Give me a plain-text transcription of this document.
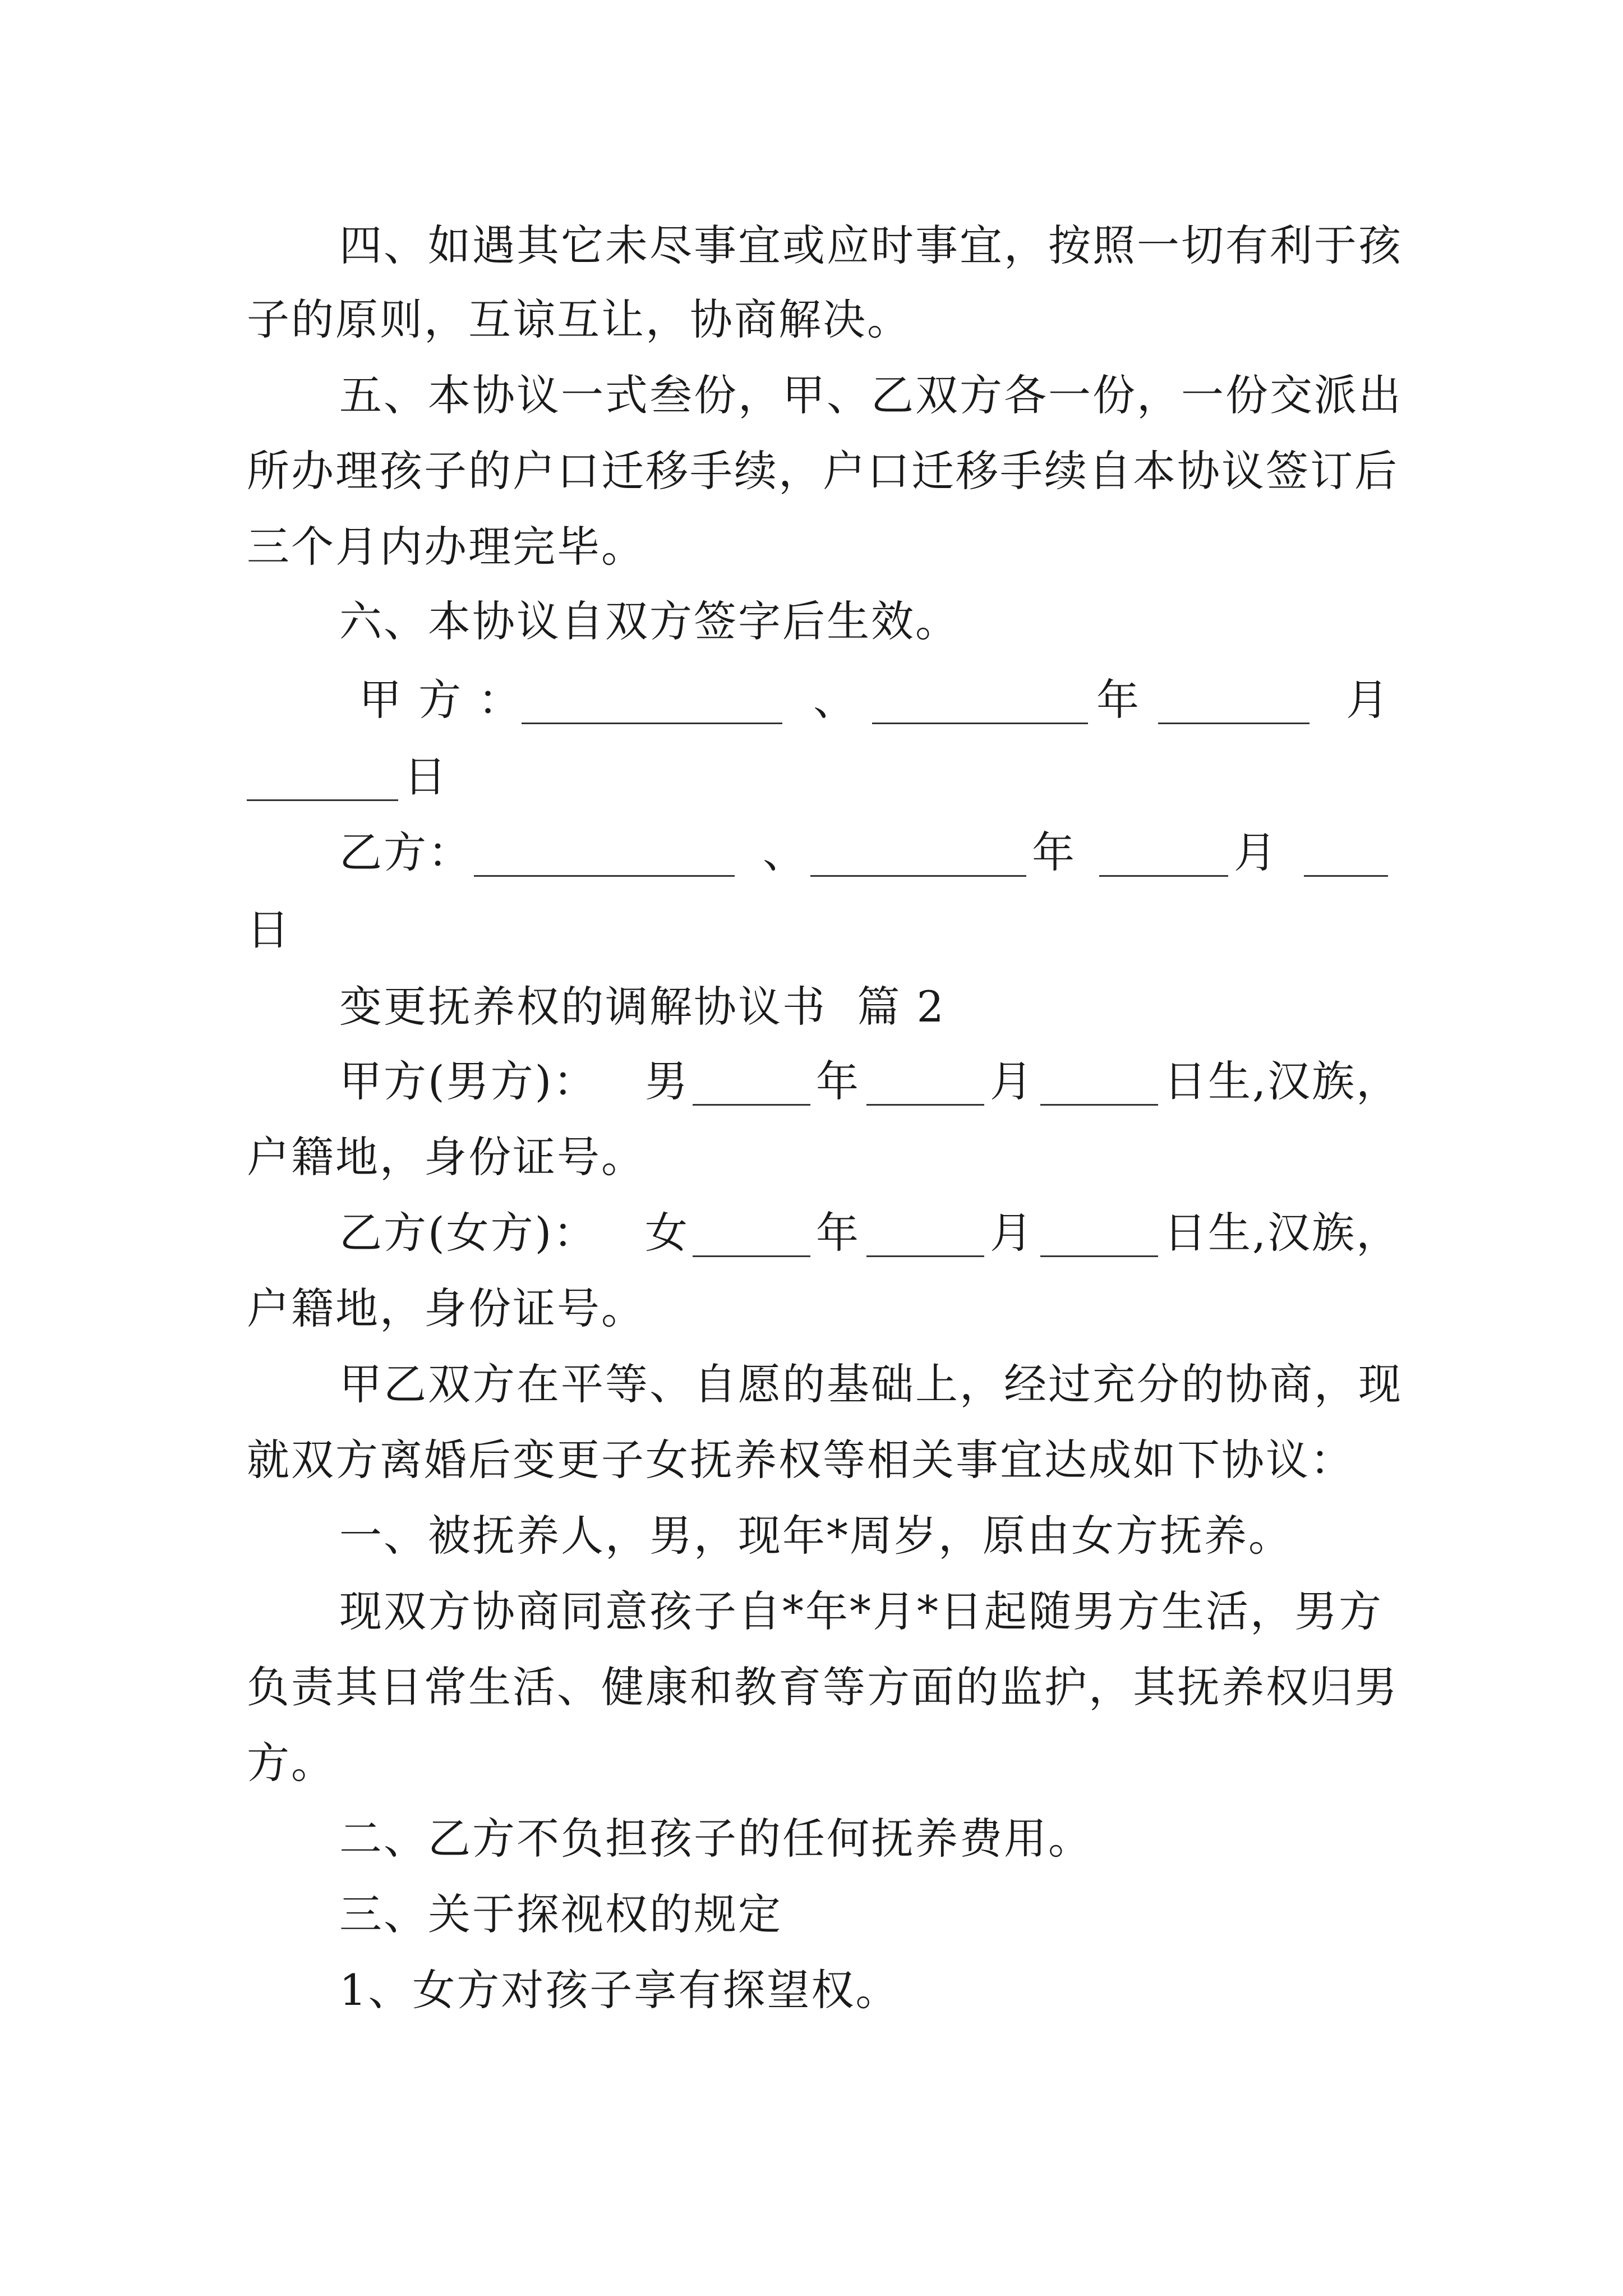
四、如遇其它未尽事宜或应时事宜，按照一切有利于孩
子的原则，互谅互让，协商解决。
五、本协议一式叁份，甲、乙双方各一份，一份交派出
所办理孩子的户口迁移手续，户口迁移手续自本协议签订后
三个月内办理完毕。
六、本协议自双方签字后生效。
甲 方 ：	、	年	月
日
乙方：	、	年	月
日
变更抚养权的调解协议书  篇 2
甲方(男方)： 男	年	月	日生,汉族，
户籍地，身份证号。
乙方(女方)： 女	年	月	日生,汉族，
户籍地，身份证号。
甲乙双方在平等、自愿的基础上，经过充分的协商，现
就双方离婚后变更子女抚养权等相关事宜达成如下协议：
一、被抚养人，男，现年*周岁，原由女方抚养。
现双方协商同意孩子自*年*月*日起随男方生活，男方
负责其日常生活、健康和教育等方面的监护，其抚养权归男
方。
二、乙方不负担孩子的任何抚养费用。
三、关于探视权的规定
1、女方对孩子享有探望权。
